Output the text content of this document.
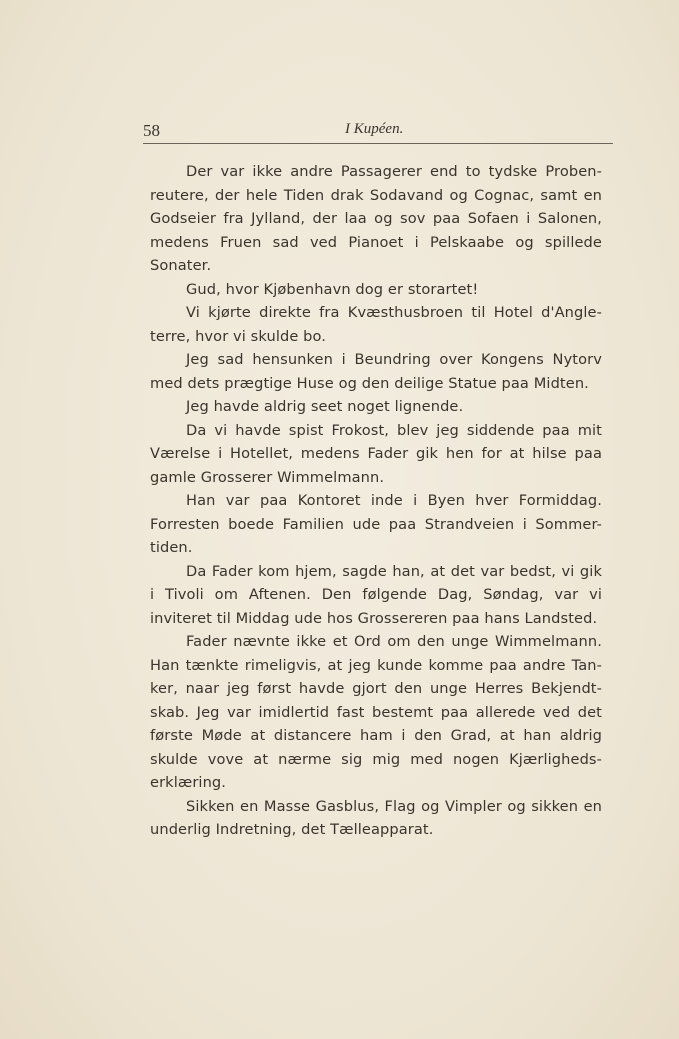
58	I Kupéen.

Der var ikke andre Passagerer end to tydske Proben-reutere, der hele Tiden drak Sodavand og Cognac, samt en Godseier fra Jylland, der laa og sov paa Sofaen i Salonen, medens Fruen sad ved Pianoet i Pelskaabe og spillede Sonater.

Gud, hvor Kjøbenhavn dog er storartet!

Vi kjørte direkte fra Kvæsthusbroen til Hotel d'Angle-terre, hvor vi skulde bo.

Jeg sad hensunken i Beundring over Kongens Nytorv med dets prægtige Huse og den deilige Statue paa Midten.

Jeg havde aldrig seet noget lignende.

Da vi havde spist Frokost, blev jeg siddende paa mit Værelse i Hotellet, medens Fader gik hen for at hilse paa gamle Grosserer Wimmelmann.

Han var paa Kontoret inde i Byen hver Formiddag. Forresten boede Familien ude paa Strandveien i Sommer-tiden.

Da Fader kom hjem, sagde han, at det var bedst, vi gik i Tivoli om Aftenen. Den følgende Dag, Søndag, var vi inviteret til Middag ude hos Grossereren paa hans Landsted.

Fader nævnte ikke et Ord om den unge Wimmelmann. Han tænkte rimeligvis, at jeg kunde komme paa andre Tan-ker, naar jeg først havde gjort den unge Herres Bekjendt-skab. Jeg var imidlertid fast bestemt paa allerede ved det første Møde at distancere ham i den Grad, at han aldrig skulde vove at nærme sig mig med nogen Kjærligheds-erklæring.

Sikken en Masse Gasblus, Flag og Vimpler og sikken en underlig Indretning, det Tælleapparat.
